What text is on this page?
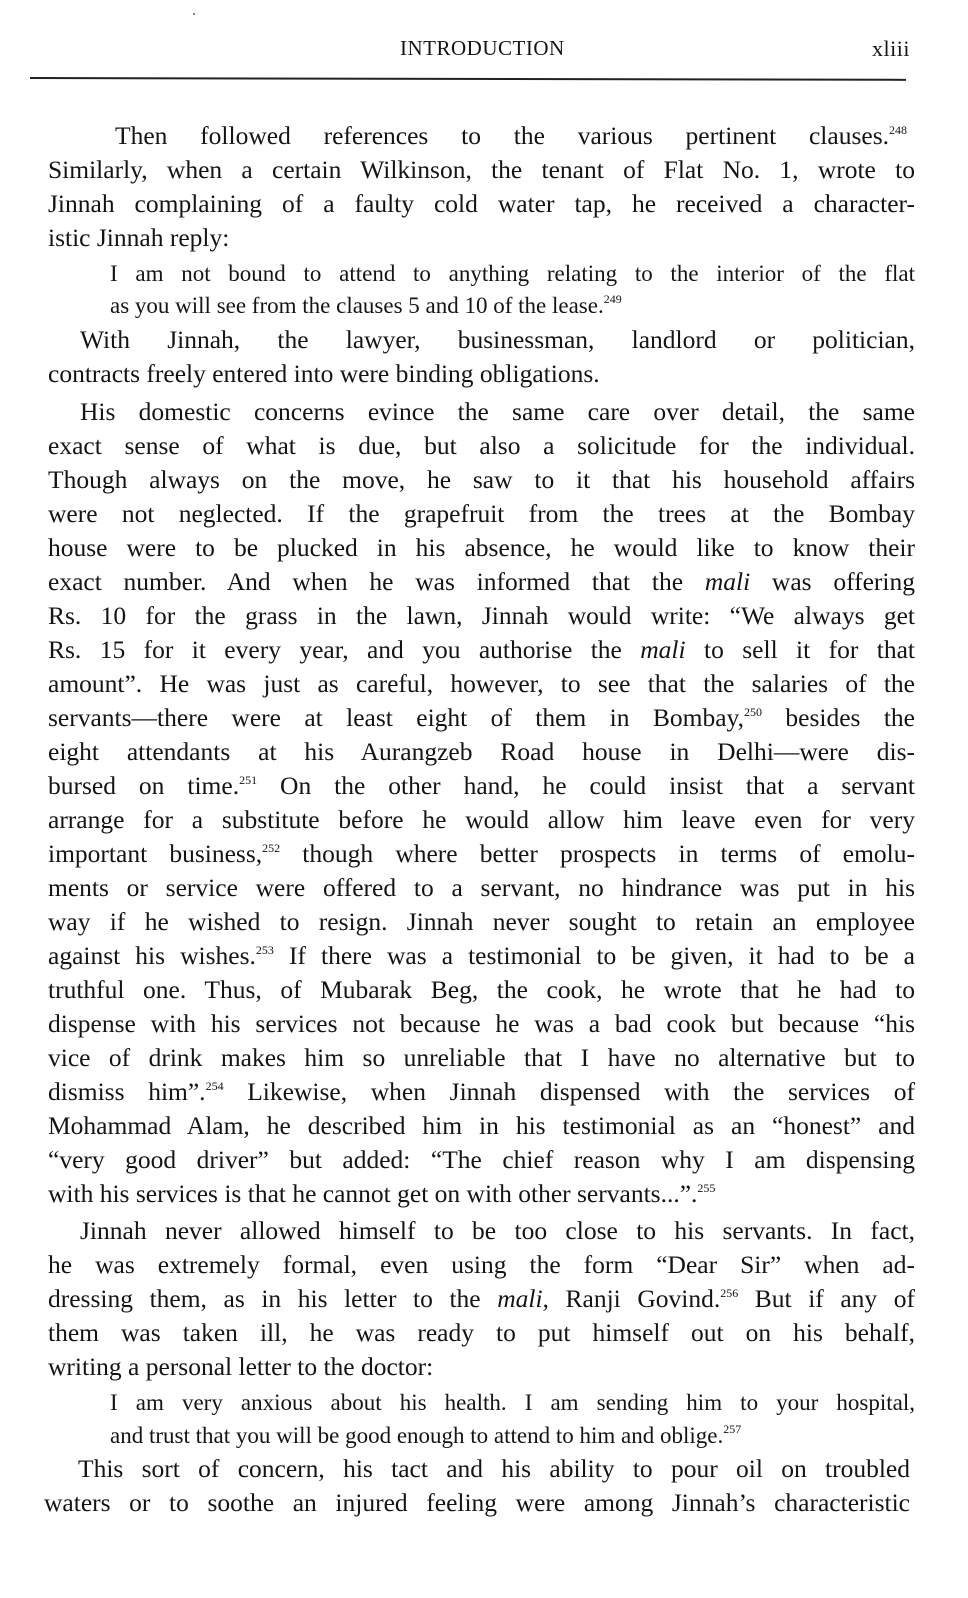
INTRODUCTION	xliii
Then followed references to the various pertinent clauses.$^{248}$
Similarly, when a certain Wilkinson, the tenant of Flat No. 1, wrote to
Jinnah complaining of a faulty cold water tap, he received a character-
istic Jinnah reply:
I am not bound to attend to anything relating to the interior of the flat
as you will see from the clauses 5 and 10 of the lease.$^{249}$
With Jinnah, the lawyer, businessman, landlord or politician,
contracts freely entered into were binding obligations.
His domestic concerns evince the same care over detail, the same
exact sense of what is due, but also a solicitude for the individual.
Though always on the move, he saw to it that his household affairs
were not neglected. If the grapefruit from the trees at the Bombay
house were to be plucked in his absence, he would like to know their
exact number. And when he was informed that the mali was offering
Rs. 10 for the grass in the lawn, Jinnah would write: “We always get
Rs. 15 for it every year, and you authorise the mali to sell it for that
amount”. He was just as careful, however, to see that the salaries of the
servants—there were at least eight of them in Bombay,$^{250}$ besides the
eight attendants at his Aurangzeb Road house in Delhi—were dis-
bursed on time.$^{251}$ On the other hand, he could insist that a servant
arrange for a substitute before he would allow him leave even for very
important business,$^{252}$ though where better prospects in terms of emolu-
ments or service were offered to a servant, no hindrance was put in his
way if he wished to resign. Jinnah never sought to retain an employee
against his wishes.$^{253}$ If there was a testimonial to be given, it had to be a
truthful one. Thus, of Mubarak Beg, the cook, he wrote that he had to
dispense with his services not because he was a bad cook but because “his
vice of drink makes him so unreliable that I have no alternative but to
dismiss him”.$^{254}$ Likewise, when Jinnah dispensed with the services of
Mohammad Alam, he described him in his testimonial as an “honest” and
“very good driver” but added: “The chief reason why I am dispensing
with his services is that he cannot get on with other servants...”.$^{255}$
Jinnah never allowed himself to be too close to his servants. In fact,
he was extremely formal, even using the form “Dear Sir” when ad-
dressing them, as in his letter to the mali, Ranji Govind.$^{256}$ But if any of
them was taken ill, he was ready to put himself out on his behalf,
writing a personal letter to the doctor:
I am very anxious about his health. I am sending him to your hospital,
and trust that you will be good enough to attend to him and oblige.$^{257}$
This sort of concern, his tact and his ability to pour oil on troubled
waters or to soothe an injured feeling were among Jinnah’s characteristic
